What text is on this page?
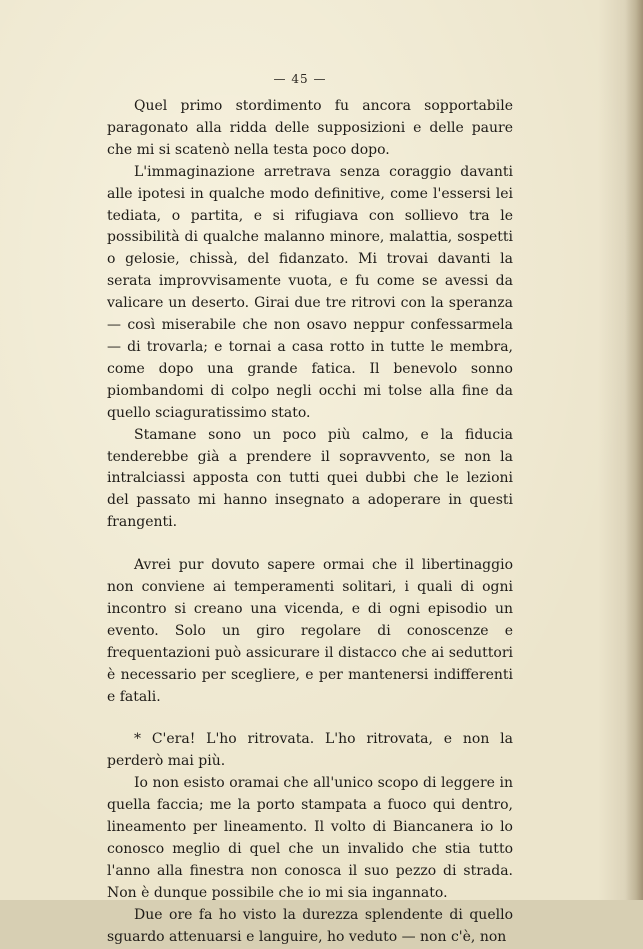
— 45 —

Quel primo stordimento fu ancora sopportabile paragonato alla ridda delle supposizioni e delle paure che mi si scatenò nella testa poco dopo.

L'immaginazione arretrava senza coraggio davanti alle ipotesi in qualche modo definitive, come l'essersi lei tediata, o partita, e si rifugiava con sollievo tra le possibilità di qualche malanno minore, malattia, sospetti o gelosie, chissà, del fidanzato. Mi trovai davanti la serata improvvisamente vuota, e fu come se avessi da valicare un deserto. Girai due tre ritrovi con la speranza — così miserabile che non osavo neppur confessarmela — di trovarla; e tornai a casa rotto in tutte le membra, come dopo una grande fatica. Il benevolo sonno piombandomi di colpo negli occhi mi tolse alla fine da quello sciaguratissimo stato.

Stamane sono un poco più calmo, e la fiducia tenderebbe già a prendere il sopravvento, se non la intralciassi apposta con tutti quei dubbi che le lezioni del passato mi hanno insegnato a adoperare in questi frangenti.

Avrei pur dovuto sapere ormai che il libertinaggio non conviene ai temperamenti solitari, i quali di ogni incontro si creano una vicenda, e di ogni episodio un evento. Solo un giro regolare di conoscenze e frequentazioni può assicurare il distacco che ai seduttori è necessario per scegliere, e per mantenersi indifferenti e fatali.

* C'era! L'ho ritrovata. L'ho ritrovata, e non la perderò mai più.

Io non esisto oramai che all'unico scopo di leggere in quella faccia; me la porto stampata a fuoco qui dentro, lineamento per lineamento. Il volto di Biancanera io lo conosco meglio di quel che un invalido che stia tutto l'anno alla finestra non conosca il suo pezzo di strada. Non è dunque possibile che io mi sia ingannato.

Due ore fa ho visto la durezza splendente di quello sguardo attenuarsi e languire, ho veduto — non c'è, non
